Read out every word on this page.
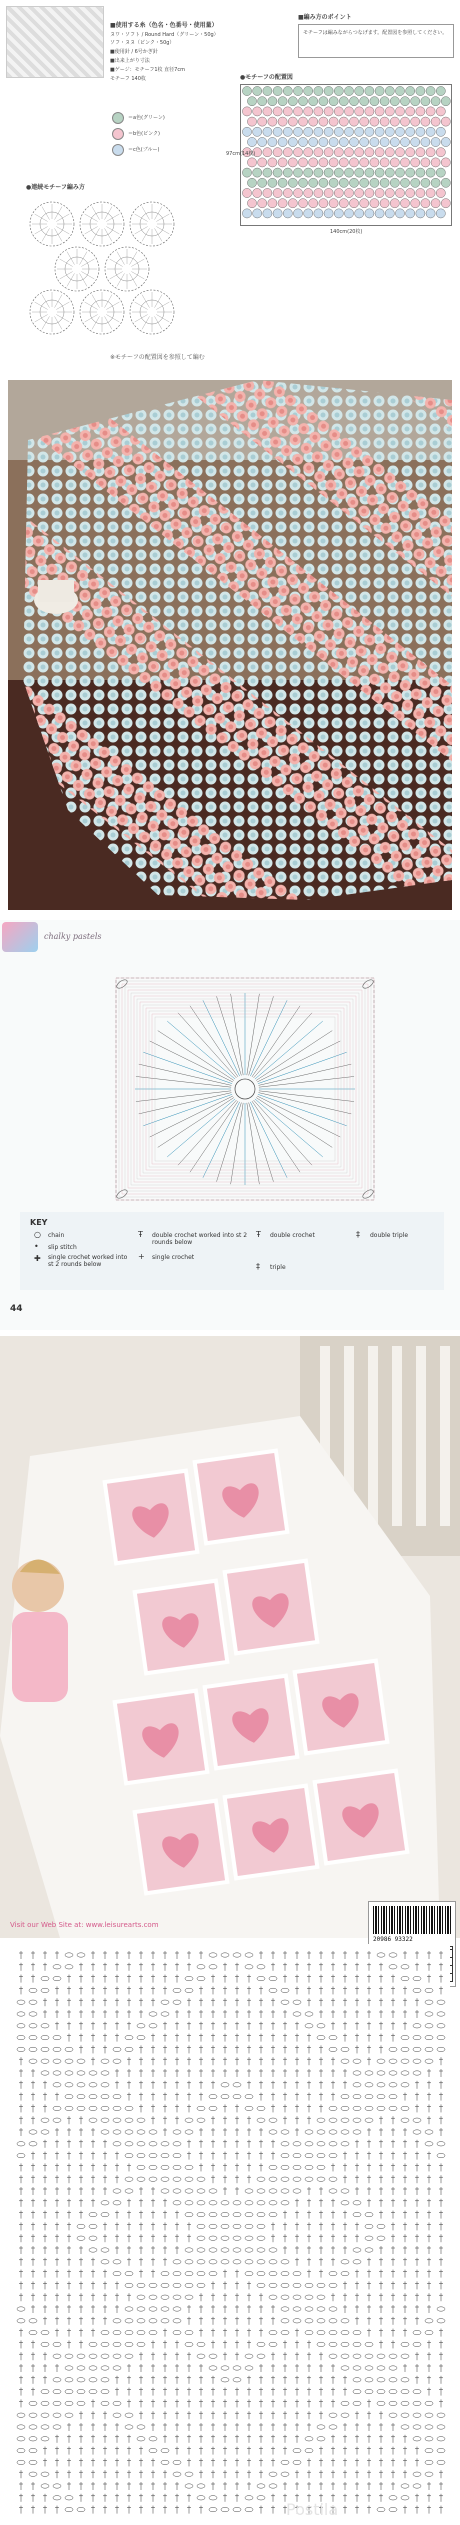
■使用する糸（色名・色番号・使用量）
ヌワ・ソフト / Round Hard（グリーン・50g）
ソフ・ヌヌ（ピンク・50g）
■使用針 / 6号かぎ針
■出来上がり寸法
■ゲージ：モチーフ1枚 直径7cm
モチーフ 140枚
＝a色(グリーン)
＝b色(ピンク)
＝c色(ブルー)
■編み方のポイント
モチーフは編みながらつなげます。配置図を参照してください。
●モチーフの配置図
140cm(20枚)
97cm(14枚)
●連続モチーフ編み方
※モチーフの配置図を参照して編む
chalky pastels
KEY
○ chain
• slip stitch
✚ single crochet worked into st 2 rounds below
Ŧ double crochet worked into st 2 rounds below
+ single crochet
Ŧ double crochet
‡ triple
‡ double triple
44
Visit our Web Site at: www.leisurearts.com
20986 93322
Postila
